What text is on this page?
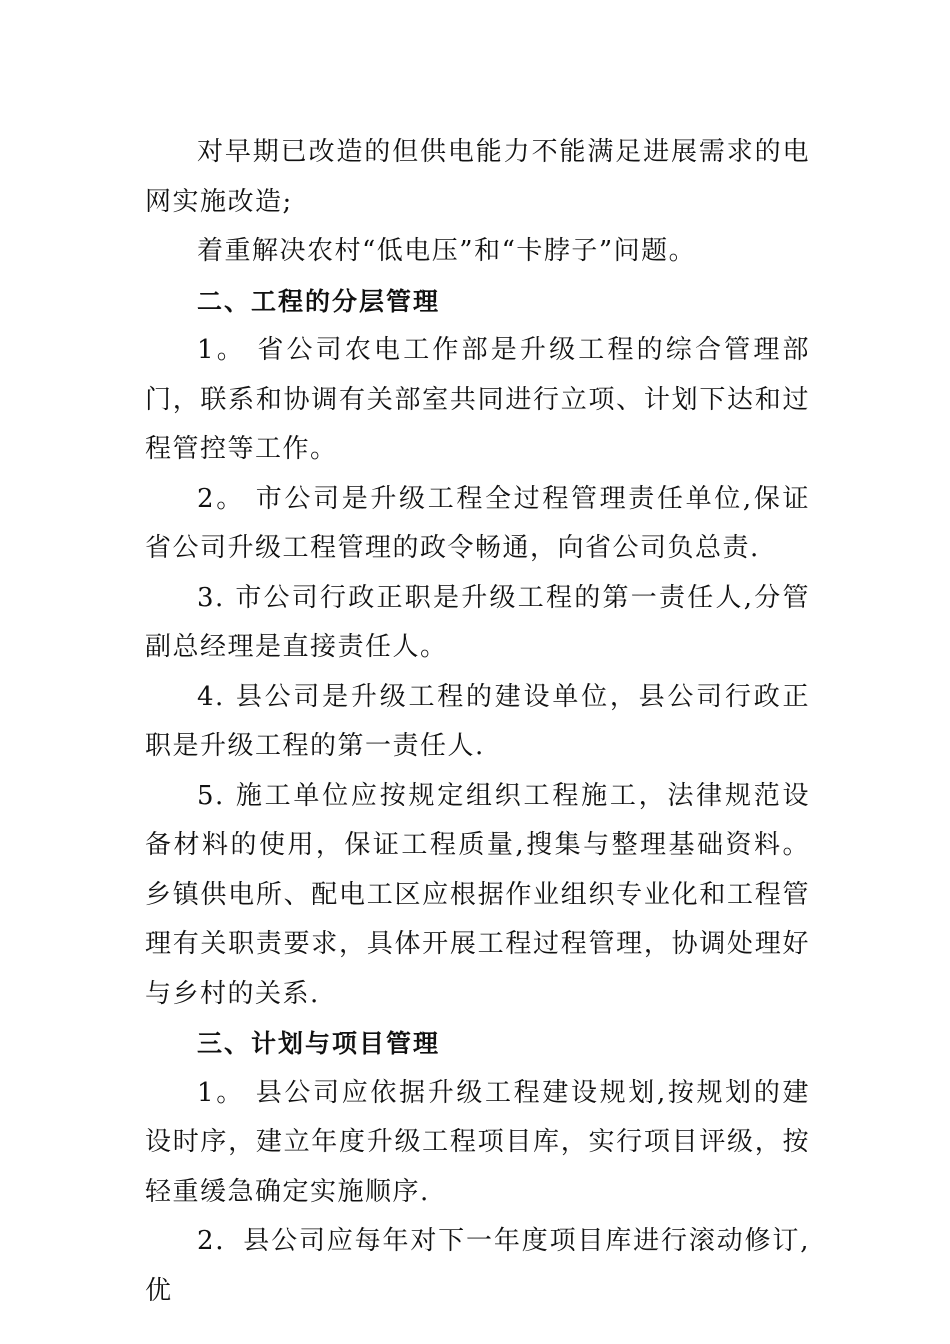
对早期已改造的但供电能力不能满足进展需求的电网实施改造;

着重解决农村“低电压”和“卡脖子”问题。

二、工程的分层管理

1。 省公司农电工作部是升级工程的综合管理部门，联系和协调有关部室共同进行立项、计划下达和过程管控等工作。

2。 市公司是升级工程全过程管理责任单位,保证省公司升级工程管理的政令畅通，向省公司负总责.

3. 市公司行政正职是升级工程的第一责任人,分管副总经理是直接责任人。

4. 县公司是升级工程的建设单位，县公司行政正职是升级工程的第一责任人.

5. 施工单位应按规定组织工程施工，法律规范设备材料的使用，保证工程质量,搜集与整理基础资料。乡镇供电所、配电工区应根据作业组织专业化和工程管理有关职责要求，具体开展工程过程管理，协调处理好与乡村的关系.

三、计划与项目管理

1。 县公司应依据升级工程建设规划,按规划的建设时序，建立年度升级工程项目库，实行项目评级，按轻重缓急确定实施顺序.

2．县公司应每年对下一年度项目库进行滚动修订,优
